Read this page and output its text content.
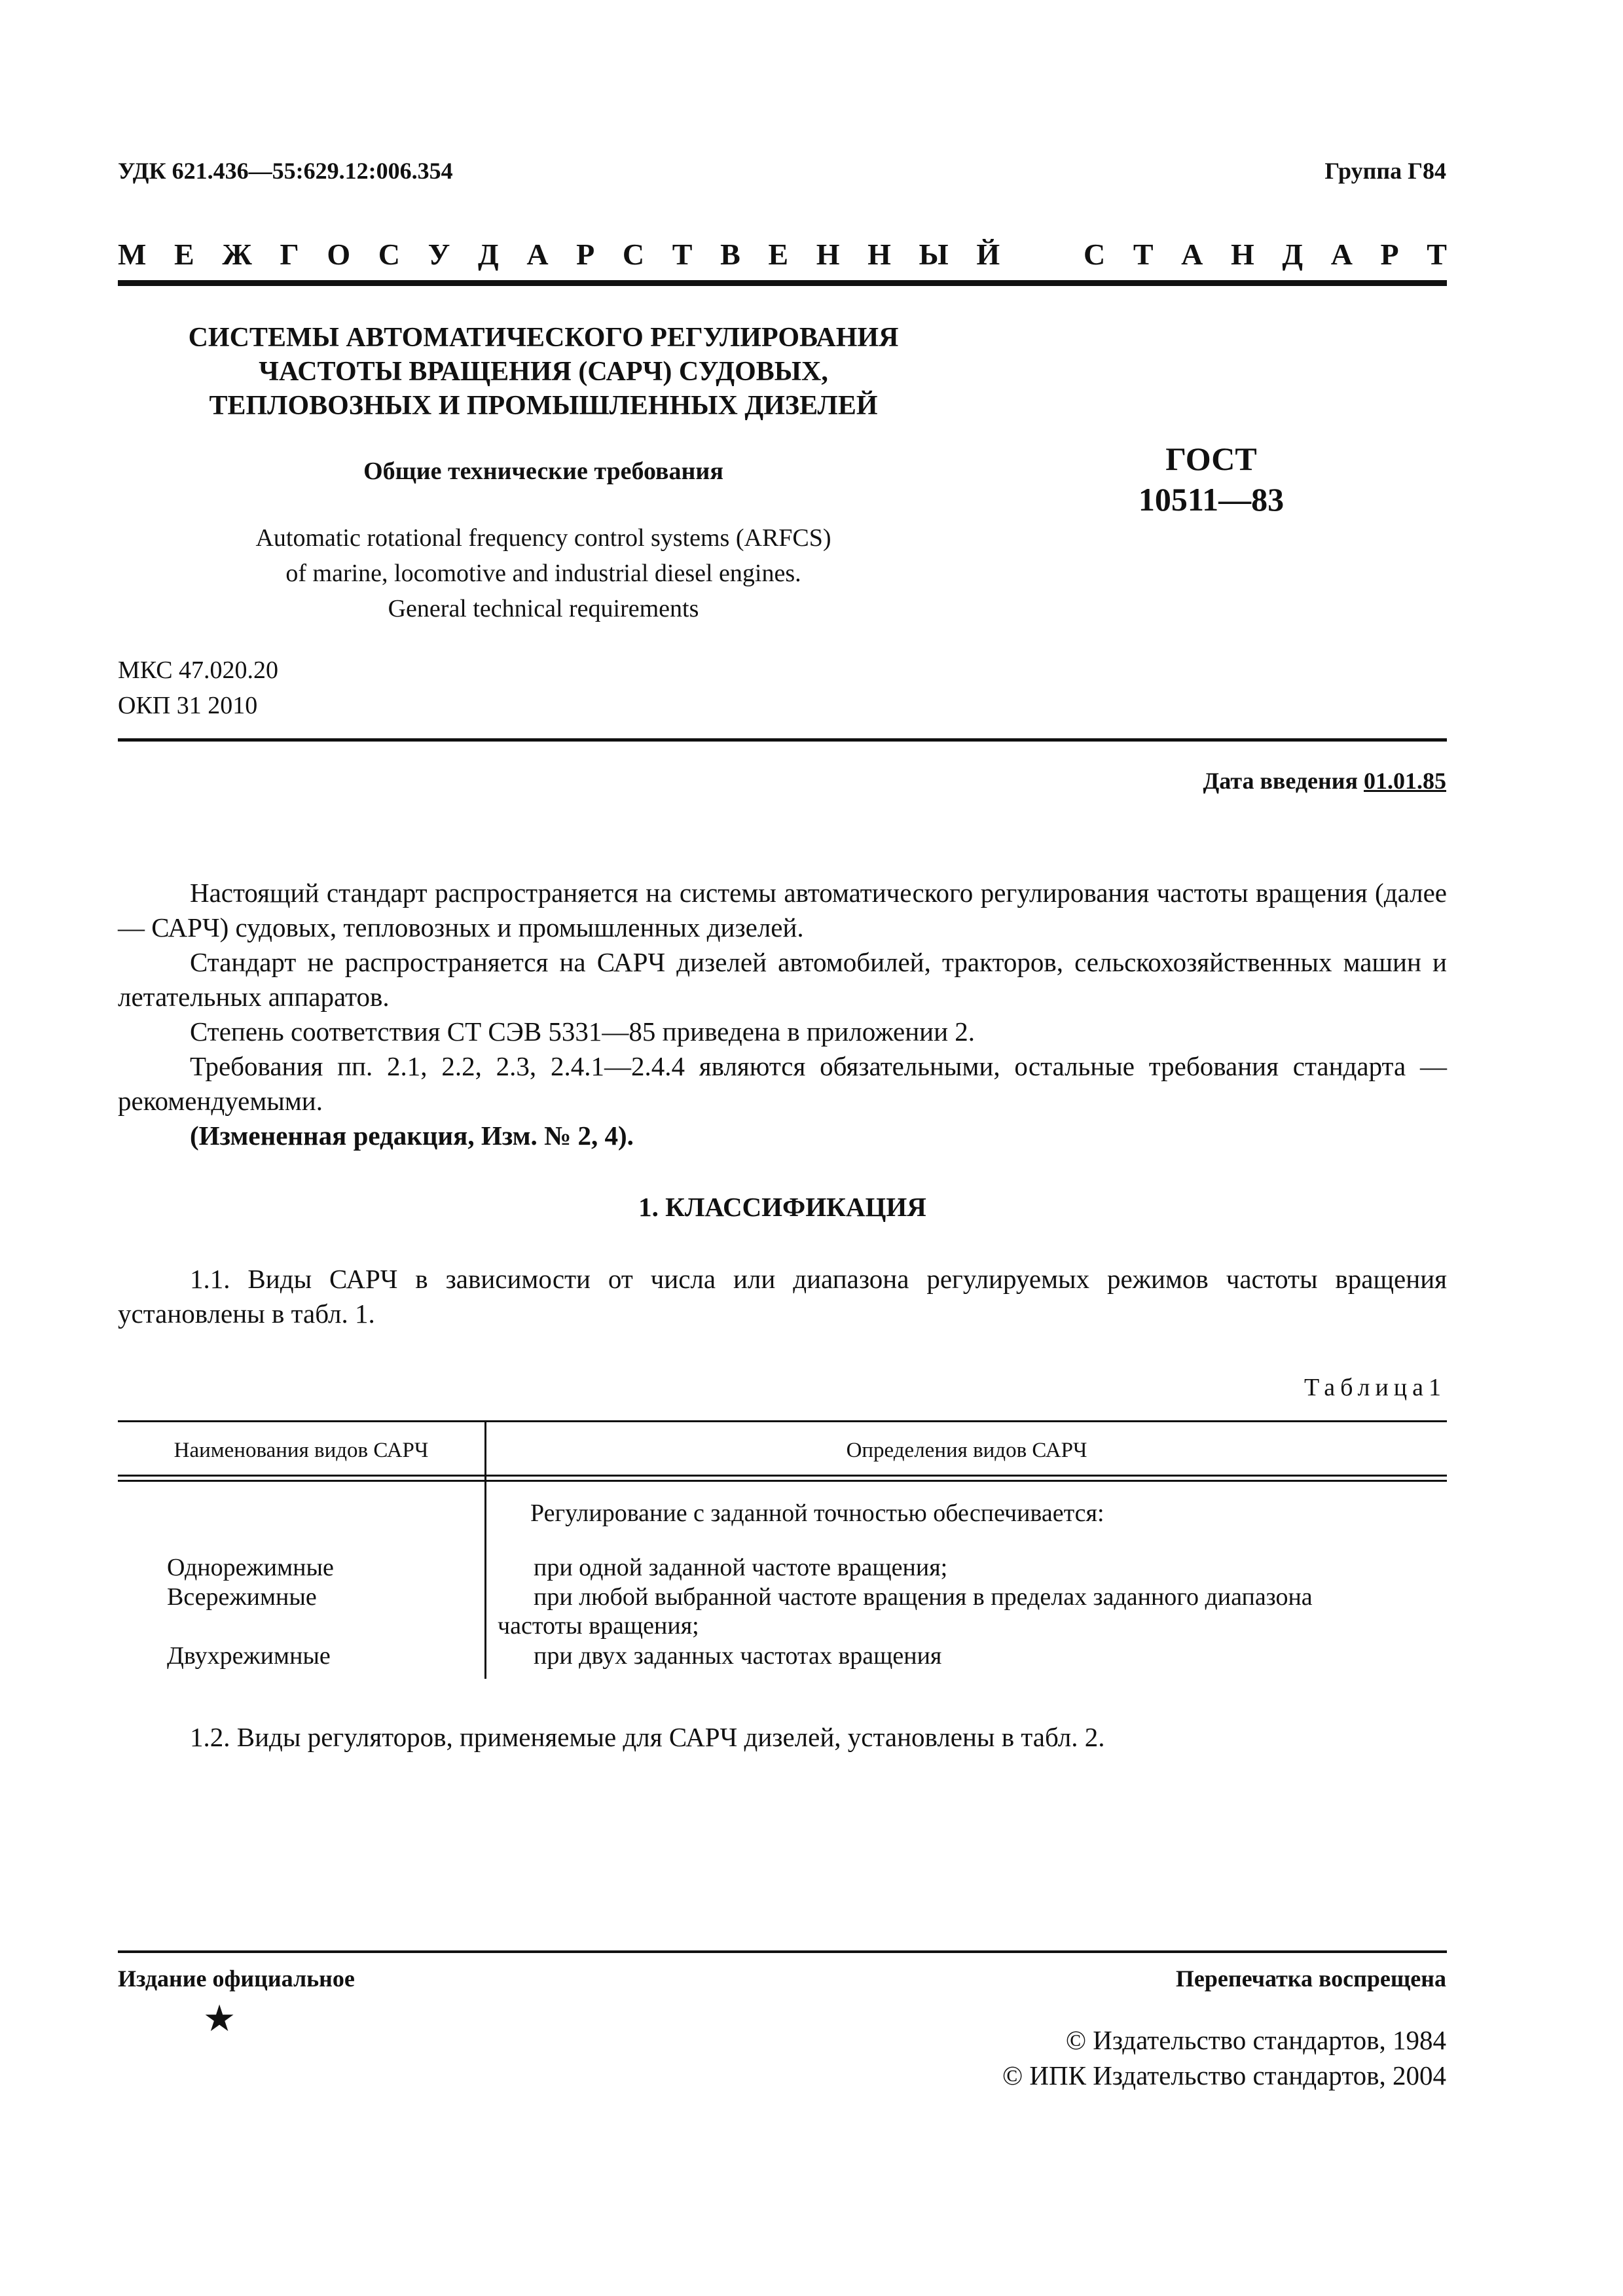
УДК 621.436—55:629.12:006.354	Группа Г84
М Е Ж Г О С У Д А Р С Т В Е Н Н Ы Й	С Т А Н Д А Р Т
СИСТЕМЫ АВТОМАТИЧЕСКОГО РЕГУЛИРОВАНИЯ
ЧАСТОТЫ ВРАЩЕНИЯ (САРЧ) СУДОВЫХ,
ТЕПЛОВОЗНЫХ И ПРОМЫШЛЕННЫХ ДИЗЕЛЕЙ
Общие технические требования	ГОСТ
10511—83
Automatic rotational frequency control systems (ARFCS)
of marine, locomotive and industrial diesel engines.
General technical requirements
МКС 47.020.20
ОКП 31 2010
Дата введения 01.01.85

Настоящий стандарт распространяется на системы автоматического регулирования частоты вращения (далее — САРЧ) судовых, тепловозных и промышленных дизелей.

Стандарт не распространяется на САРЧ дизелей автомобилей, тракторов, сельскохозяйственных машин и летательных аппаратов.

Степень соответствия СТ СЭВ 5331—85 приведена в приложении 2.

Требования пп. 2.1, 2.2, 2.3, 2.4.1—2.4.4 являются обязательными, остальные требования стандарта — рекомендуемыми.

(Измененная редакция, Изм. № 2, 4).

1. КЛАССИФИКАЦИЯ

1.1. Виды САРЧ в зависимости от числа или диапазона регулируемых режимов частоты вращения установлены в табл. 1.

Таблица1
Наименования видов САРЧ	Определения видов САРЧ
Регулирование с заданной точностью обеспечивается:
Однорежимные	при одной заданной частоте вращения;
Всережимные	при любой выбранной частоте вращения в пределах заданного диапазона
частоты вращения;
Двухрежимные	при двух заданных частотах вращения

1.2. Виды регуляторов, применяемые для САРЧ дизелей, установлены в табл. 2.

Издание официальное	Перепечатка воспрещена
★
© Издательство стандартов, 1984
© ИПК Издательство стандартов, 2004
